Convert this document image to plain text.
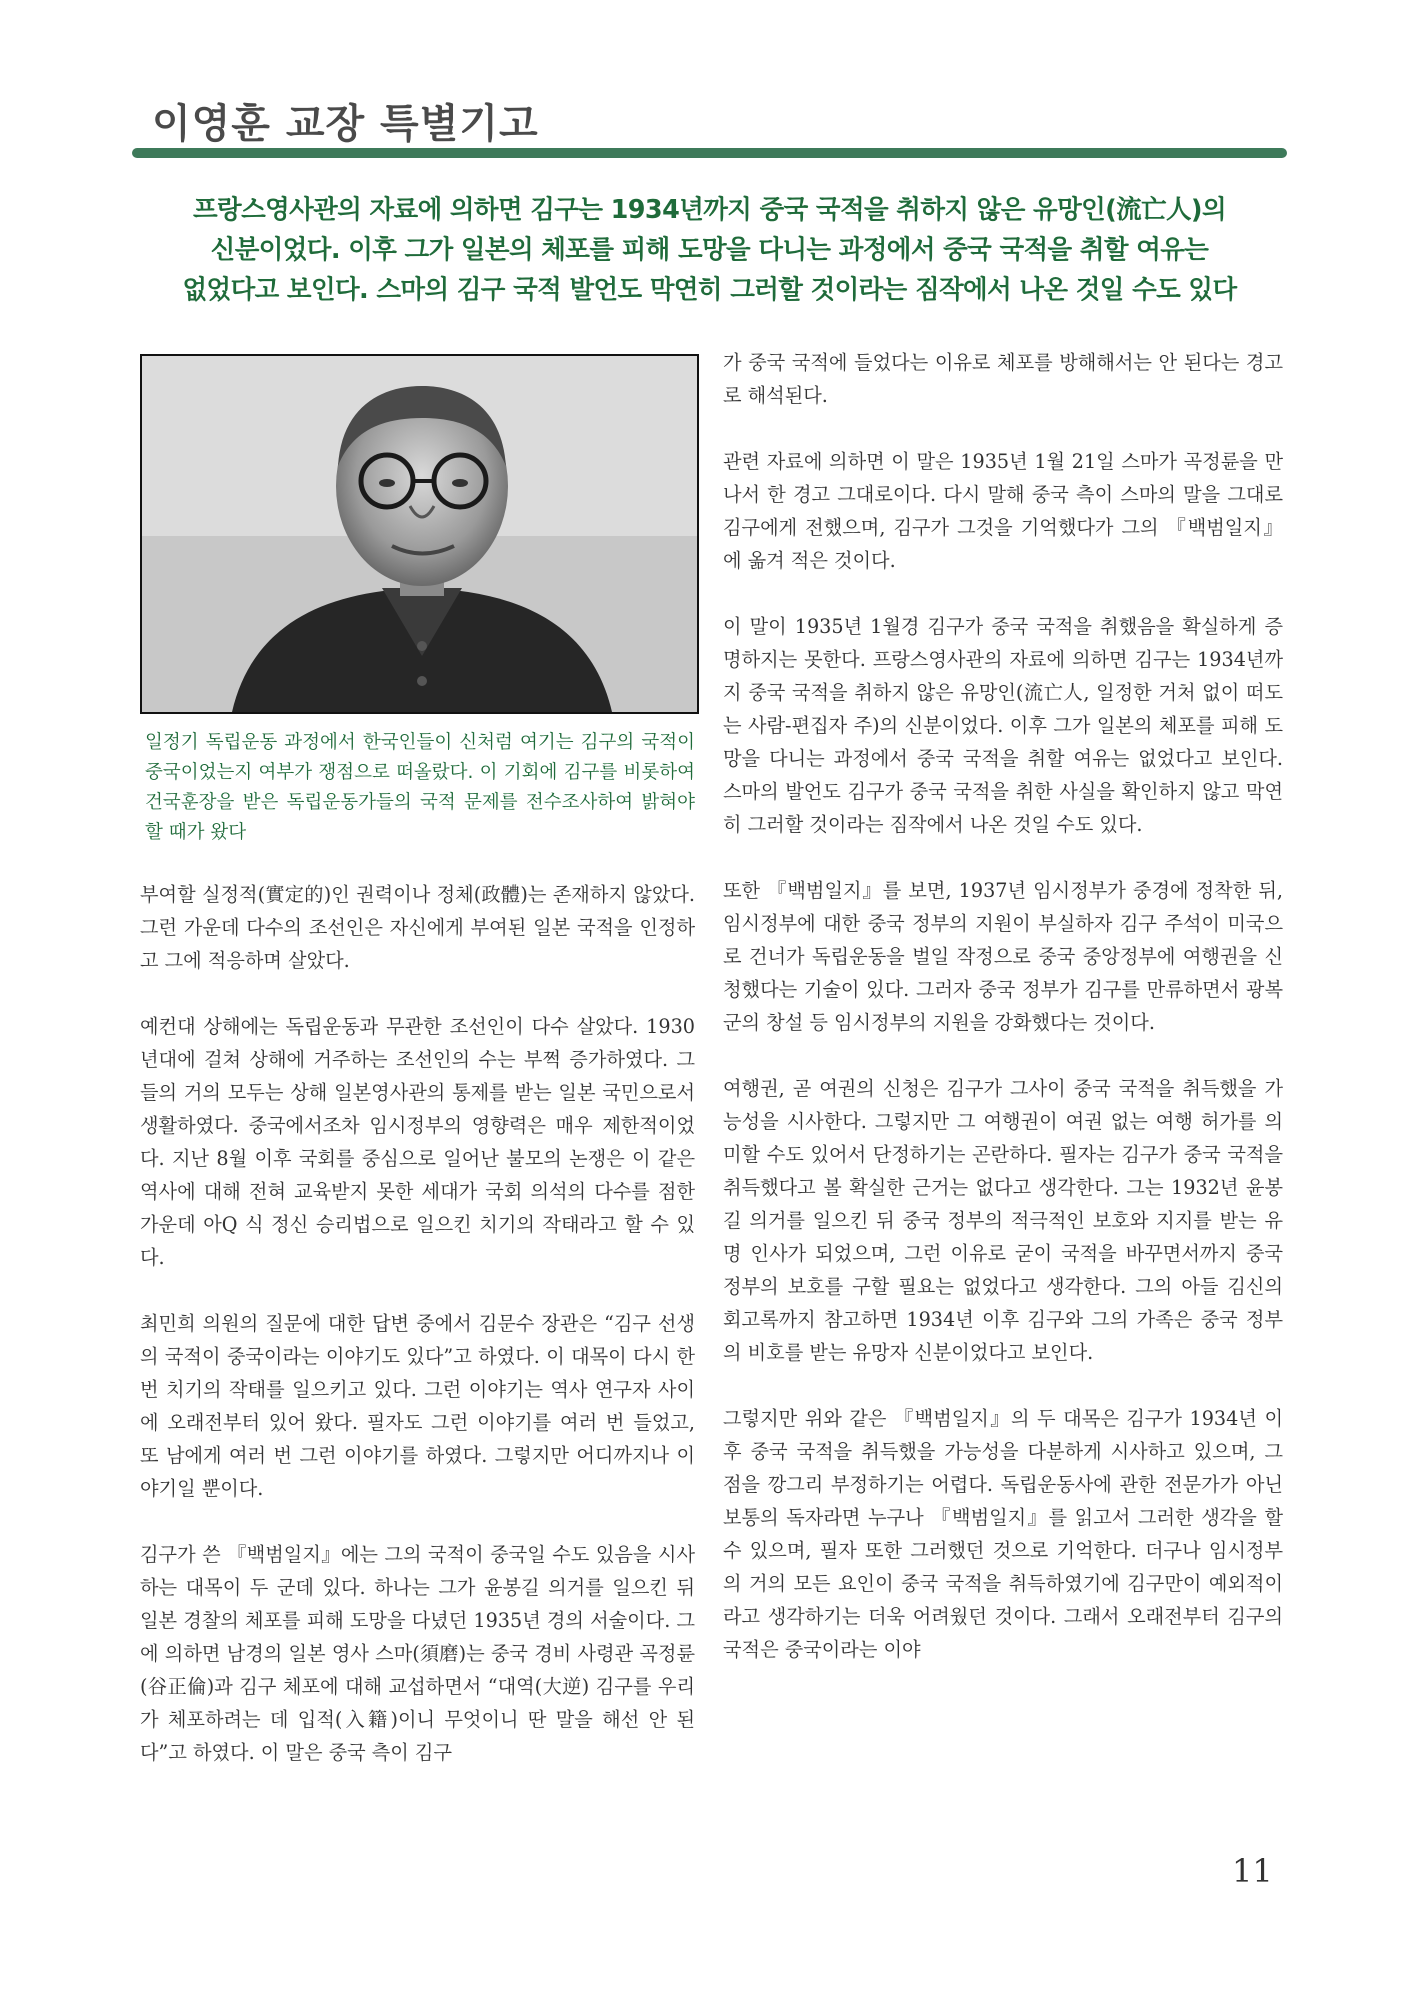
이영훈 교장 특별기고
프랑스영사관의 자료에 의하면 김구는 1934년까지 중국 국적을 취하지 않은 유망인(流亡人)의
신분이었다. 이후 그가 일본의 체포를 피해 도망을 다니는 과정에서 중국 국적을 취할 여유는
없었다고 보인다. 스마의 김구 국적 발언도 막연히 그러할 것이라는 짐작에서 나온 것일 수도 있다

일정기 독립운동 과정에서 한국인들이 신처럼 여기는 김구의 국적이 중국이었는지 여부가 쟁점으로 떠올랐다. 이 기회에 김구를 비롯하여 건국훈장을 받은 독립운동가들의 국적 문제를 전수조사하여 밝혀야 할 때가 왔다

부여할 실정적(實定的)인 권력이나 정체(政體)는 존재하지 않았다. 그런 가운데 다수의 조선인은 자신에게 부여된 일본 국적을 인정하고 그에 적응하며 살았다.

예컨대 상해에는 독립운동과 무관한 조선인이 다수 살았다. 1930년대에 걸쳐 상해에 거주하는 조선인의 수는 부쩍 증가하였다. 그들의 거의 모두는 상해 일본영사관의 통제를 받는 일본 국민으로서 생활하였다. 중국에서조차 임시정부의 영향력은 매우 제한적이었다. 지난 8월 이후 국회를 중심으로 일어난 불모의 논쟁은 이 같은 역사에 대해 전혀 교육받지 못한 세대가 국회 의석의 다수를 점한 가운데 아Q 식 정신 승리법으로 일으킨 치기의 작태라고 할 수 있다.

최민희 의원의 질문에 대한 답변 중에서 김문수 장관은 “김구 선생의 국적이 중국이라는 이야기도 있다”고 하였다. 이 대목이 다시 한번 치기의 작태를 일으키고 있다. 그런 이야기는 역사 연구자 사이에 오래전부터 있어 왔다. 필자도 그런 이야기를 여러 번 들었고, 또 남에게 여러 번 그런 이야기를 하였다. 그렇지만 어디까지나 이야기일 뿐이다.

김구가 쓴 『백범일지』에는 그의 국적이 중국일 수도 있음을 시사하는 대목이 두 군데 있다. 하나는 그가 윤봉길 의거를 일으킨 뒤 일본 경찰의 체포를 피해 도망을 다녔던 1935년 경의 서술이다. 그에 의하면 남경의 일본 영사 스마(須磨)는 중국 경비 사령관 곡정륜(谷正倫)과 김구 체포에 대해 교섭하면서 “대역(大逆) 김구를 우리가 체포하려는 데 입적(入籍)이니 무엇이니 딴 말을 해선 안 된다”고 하였다. 이 말은 중국 측이 김구

가 중국 국적에 들었다는 이유로 체포를 방해해서는 안 된다는 경고로 해석된다.

관련 자료에 의하면 이 말은 1935년 1월 21일 스마가 곡정륜을 만나서 한 경고 그대로이다. 다시 말해 중국 측이 스마의 말을 그대로 김구에게 전했으며, 김구가 그것을 기억했다가 그의 『백범일지』에 옮겨 적은 것이다.

이 말이 1935년 1월경 김구가 중국 국적을 취했음을 확실하게 증명하지는 못한다. 프랑스영사관의 자료에 의하면 김구는 1934년까지 중국 국적을 취하지 않은 유망인(流亡人, 일정한 거처 없이 떠도는 사람-편집자 주)의 신분이었다. 이후 그가 일본의 체포를 피해 도망을 다니는 과정에서 중국 국적을 취할 여유는 없었다고 보인다. 스마의 발언도 김구가 중국 국적을 취한 사실을 확인하지 않고 막연히 그러할 것이라는 짐작에서 나온 것일 수도 있다.

또한 『백범일지』를 보면, 1937년 임시정부가 중경에 정착한 뒤, 임시정부에 대한 중국 정부의 지원이 부실하자 김구 주석이 미국으로 건너가 독립운동을 벌일 작정으로 중국 중앙정부에 여행권을 신청했다는 기술이 있다. 그러자 중국 정부가 김구를 만류하면서 광복군의 창설 등 임시정부의 지원을 강화했다는 것이다.

여행권, 곧 여권의 신청은 김구가 그사이 중국 국적을 취득했을 가능성을 시사한다. 그렇지만 그 여행권이 여권 없는 여행 허가를 의미할 수도 있어서 단정하기는 곤란하다. 필자는 김구가 중국 국적을 취득했다고 볼 확실한 근거는 없다고 생각한다. 그는 1932년 윤봉길 의거를 일으킨 뒤 중국 정부의 적극적인 보호와 지지를 받는 유명 인사가 되었으며, 그런 이유로 굳이 국적을 바꾸면서까지 중국 정부의 보호를 구할 필요는 없었다고 생각한다. 그의 아들 김신의 회고록까지 참고하면 1934년 이후 김구와 그의 가족은 중국 정부의 비호를 받는 유망자 신분이었다고 보인다.

그렇지만 위와 같은 『백범일지』의 두 대목은 김구가 1934년 이후 중국 국적을 취득했을 가능성을 다분하게 시사하고 있으며, 그 점을 깡그리 부정하기는 어렵다. 독립운동사에 관한 전문가가 아닌 보통의 독자라면 누구나 『백범일지』를 읽고서 그러한 생각을 할 수 있으며, 필자 또한 그러했던 것으로 기억한다. 더구나 임시정부의 거의 모든 요인이 중국 국적을 취득하였기에 김구만이 예외적이라고 생각하기는 더욱 어려웠던 것이다. 그래서 오래전부터 김구의 국적은 중국이라는 이야

11
